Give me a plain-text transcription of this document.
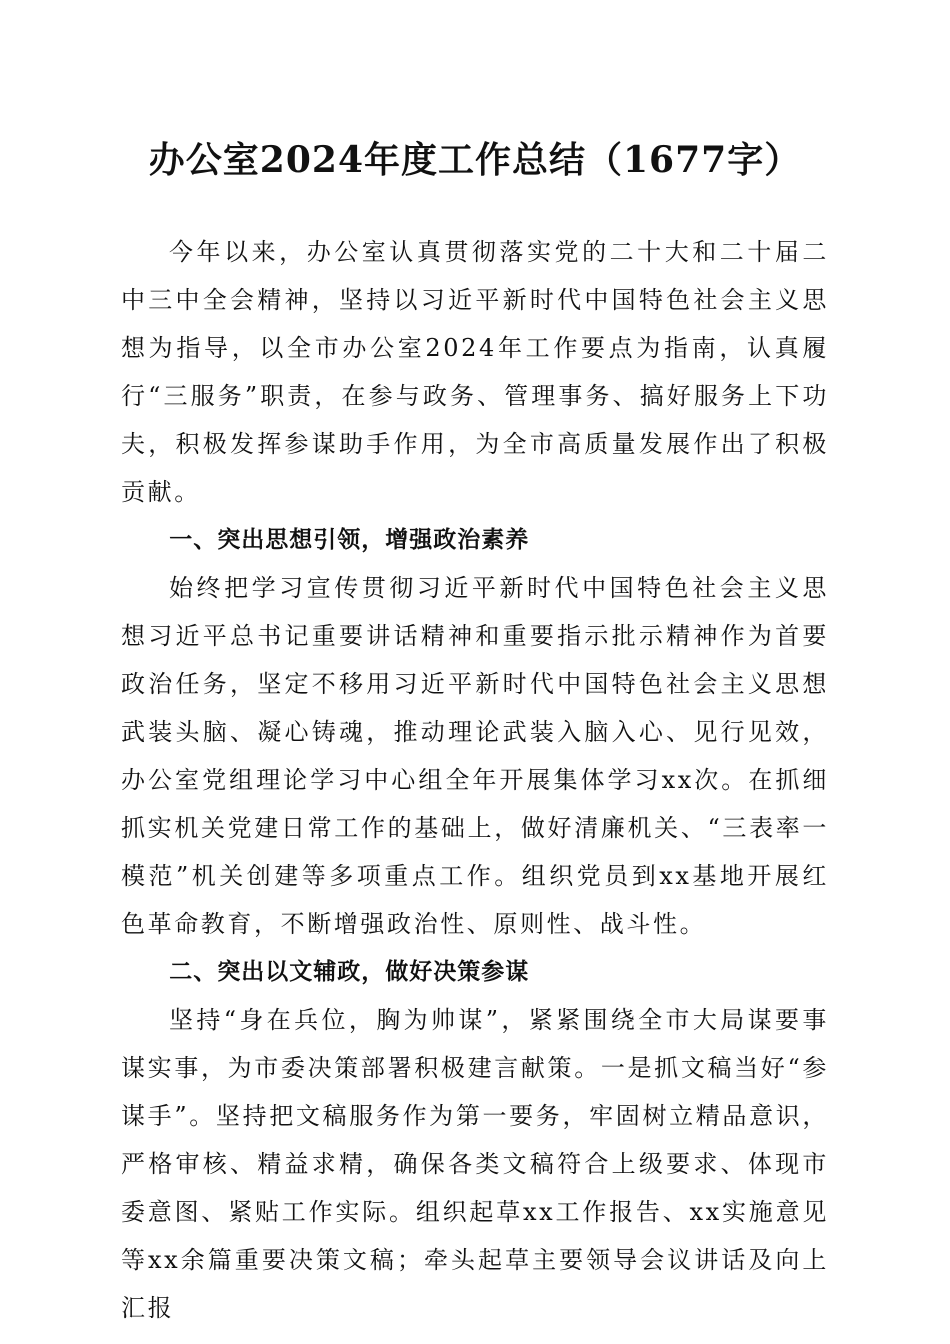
办公室2024年度工作总结（1677字）

今年以来，办公室认真贯彻落实党的二十大和二十届二中三中全会精神，坚持以习近平新时代中国特色社会主义思想为指导，以全市办公室2024年工作要点为指南，认真履行“三服务”职责，在参与政务、管理事务、搞好服务上下功夫，积极发挥参谋助手作用，为全市高质量发展作出了积极贡献。

一、突出思想引领，增强政治素养

始终把学习宣传贯彻习近平新时代中国特色社会主义思想习近平总书记重要讲话精神和重要指示批示精神作为首要政治任务，坚定不移用习近平新时代中国特色社会主义思想武装头脑、凝心铸魂，推动理论武装入脑入心、见行见效，办公室党组理论学习中心组全年开展集体学习xx次。在抓细抓实机关党建日常工作的基础上，做好清廉机关、“三表率一模范”机关创建等多项重点工作。组织党员到xx基地开展红色革命教育，不断增强政治性、原则性、战斗性。

二、突出以文辅政，做好决策参谋

坚持“身在兵位，胸为帅谋”，紧紧围绕全市大局谋要事谋实事，为市委决策部署积极建言献策。一是抓文稿当好“参谋手”。坚持把文稿服务作为第一要务，牢固树立精品意识，严格审核、精益求精，确保各类文稿符合上级要求、体现市委意图、紧贴工作实际。组织起草xx工作报告、xx实施意见等xx余篇重要决策文稿；牵头起草主要领导会议讲话及向上汇报
